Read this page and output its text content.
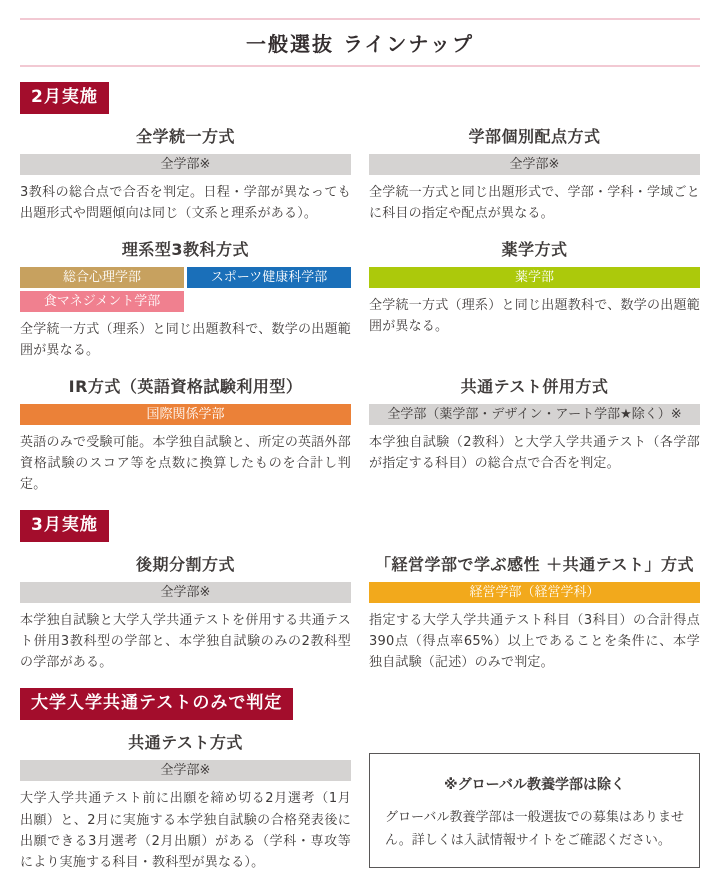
一般選抜 ラインナップ
2月実施
全学統一方式
全学部※

3教科の総合点で合否を判定。日程・学部が異なっても出題形式や問題傾向は同じ（文系と理系がある）。

学部個別配点方式
全学部※

全学統一方式と同じ出題形式で、学部・学科・学域ごとに科目の指定や配点が異なる。

理系型3教科方式
総合心理学部	スポーツ健康科学部
食マネジメント学部

全学統一方式（理系）と同じ出題教科で、数学の出題範囲が異なる。

薬学方式
薬学部

全学統一方式（理系）と同じ出題教科で、数学の出題範囲が異なる。

IR方式（英語資格試験利用型）
国際関係学部

英語のみで受験可能。本学独自試験と、所定の英語外部資格試験のスコア等を点数に換算したものを合計し判定。

共通テスト併用方式
全学部（薬学部・デザイン・アート学部★除く）※

本学独自試験（2教科）と大学入学共通テスト（各学部が指定する科目）の総合点で合否を判定。

3月実施
後期分割方式
全学部※

本学独自試験と大学入学共通テストを併用する共通テスト併用3教科型の学部と、本学独自試験のみの2教科型の学部がある。

「経営学部で学ぶ感性 ＋共通テスト」方式
経営学部（経営学科）

指定する大学入学共通テスト科目（3科目）の合計得点390点（得点率65%）以上であることを条件に、本学独自試験（記述）のみで判定。

大学入学共通テストのみで判定
共通テスト方式
全学部※

大学入学共通テスト前に出願を締め切る2月選考（1月出願）と、2月に実施する本学独自試験の合格発表後に出願できる3月選考（2月出願）がある（学科・専攻等により実施する科目・教科型が異なる）。

※グローバル教養学部は除く

グローバル教養学部は一般選抜での募集はありません。詳しくは入試情報サイトをご確認ください。
